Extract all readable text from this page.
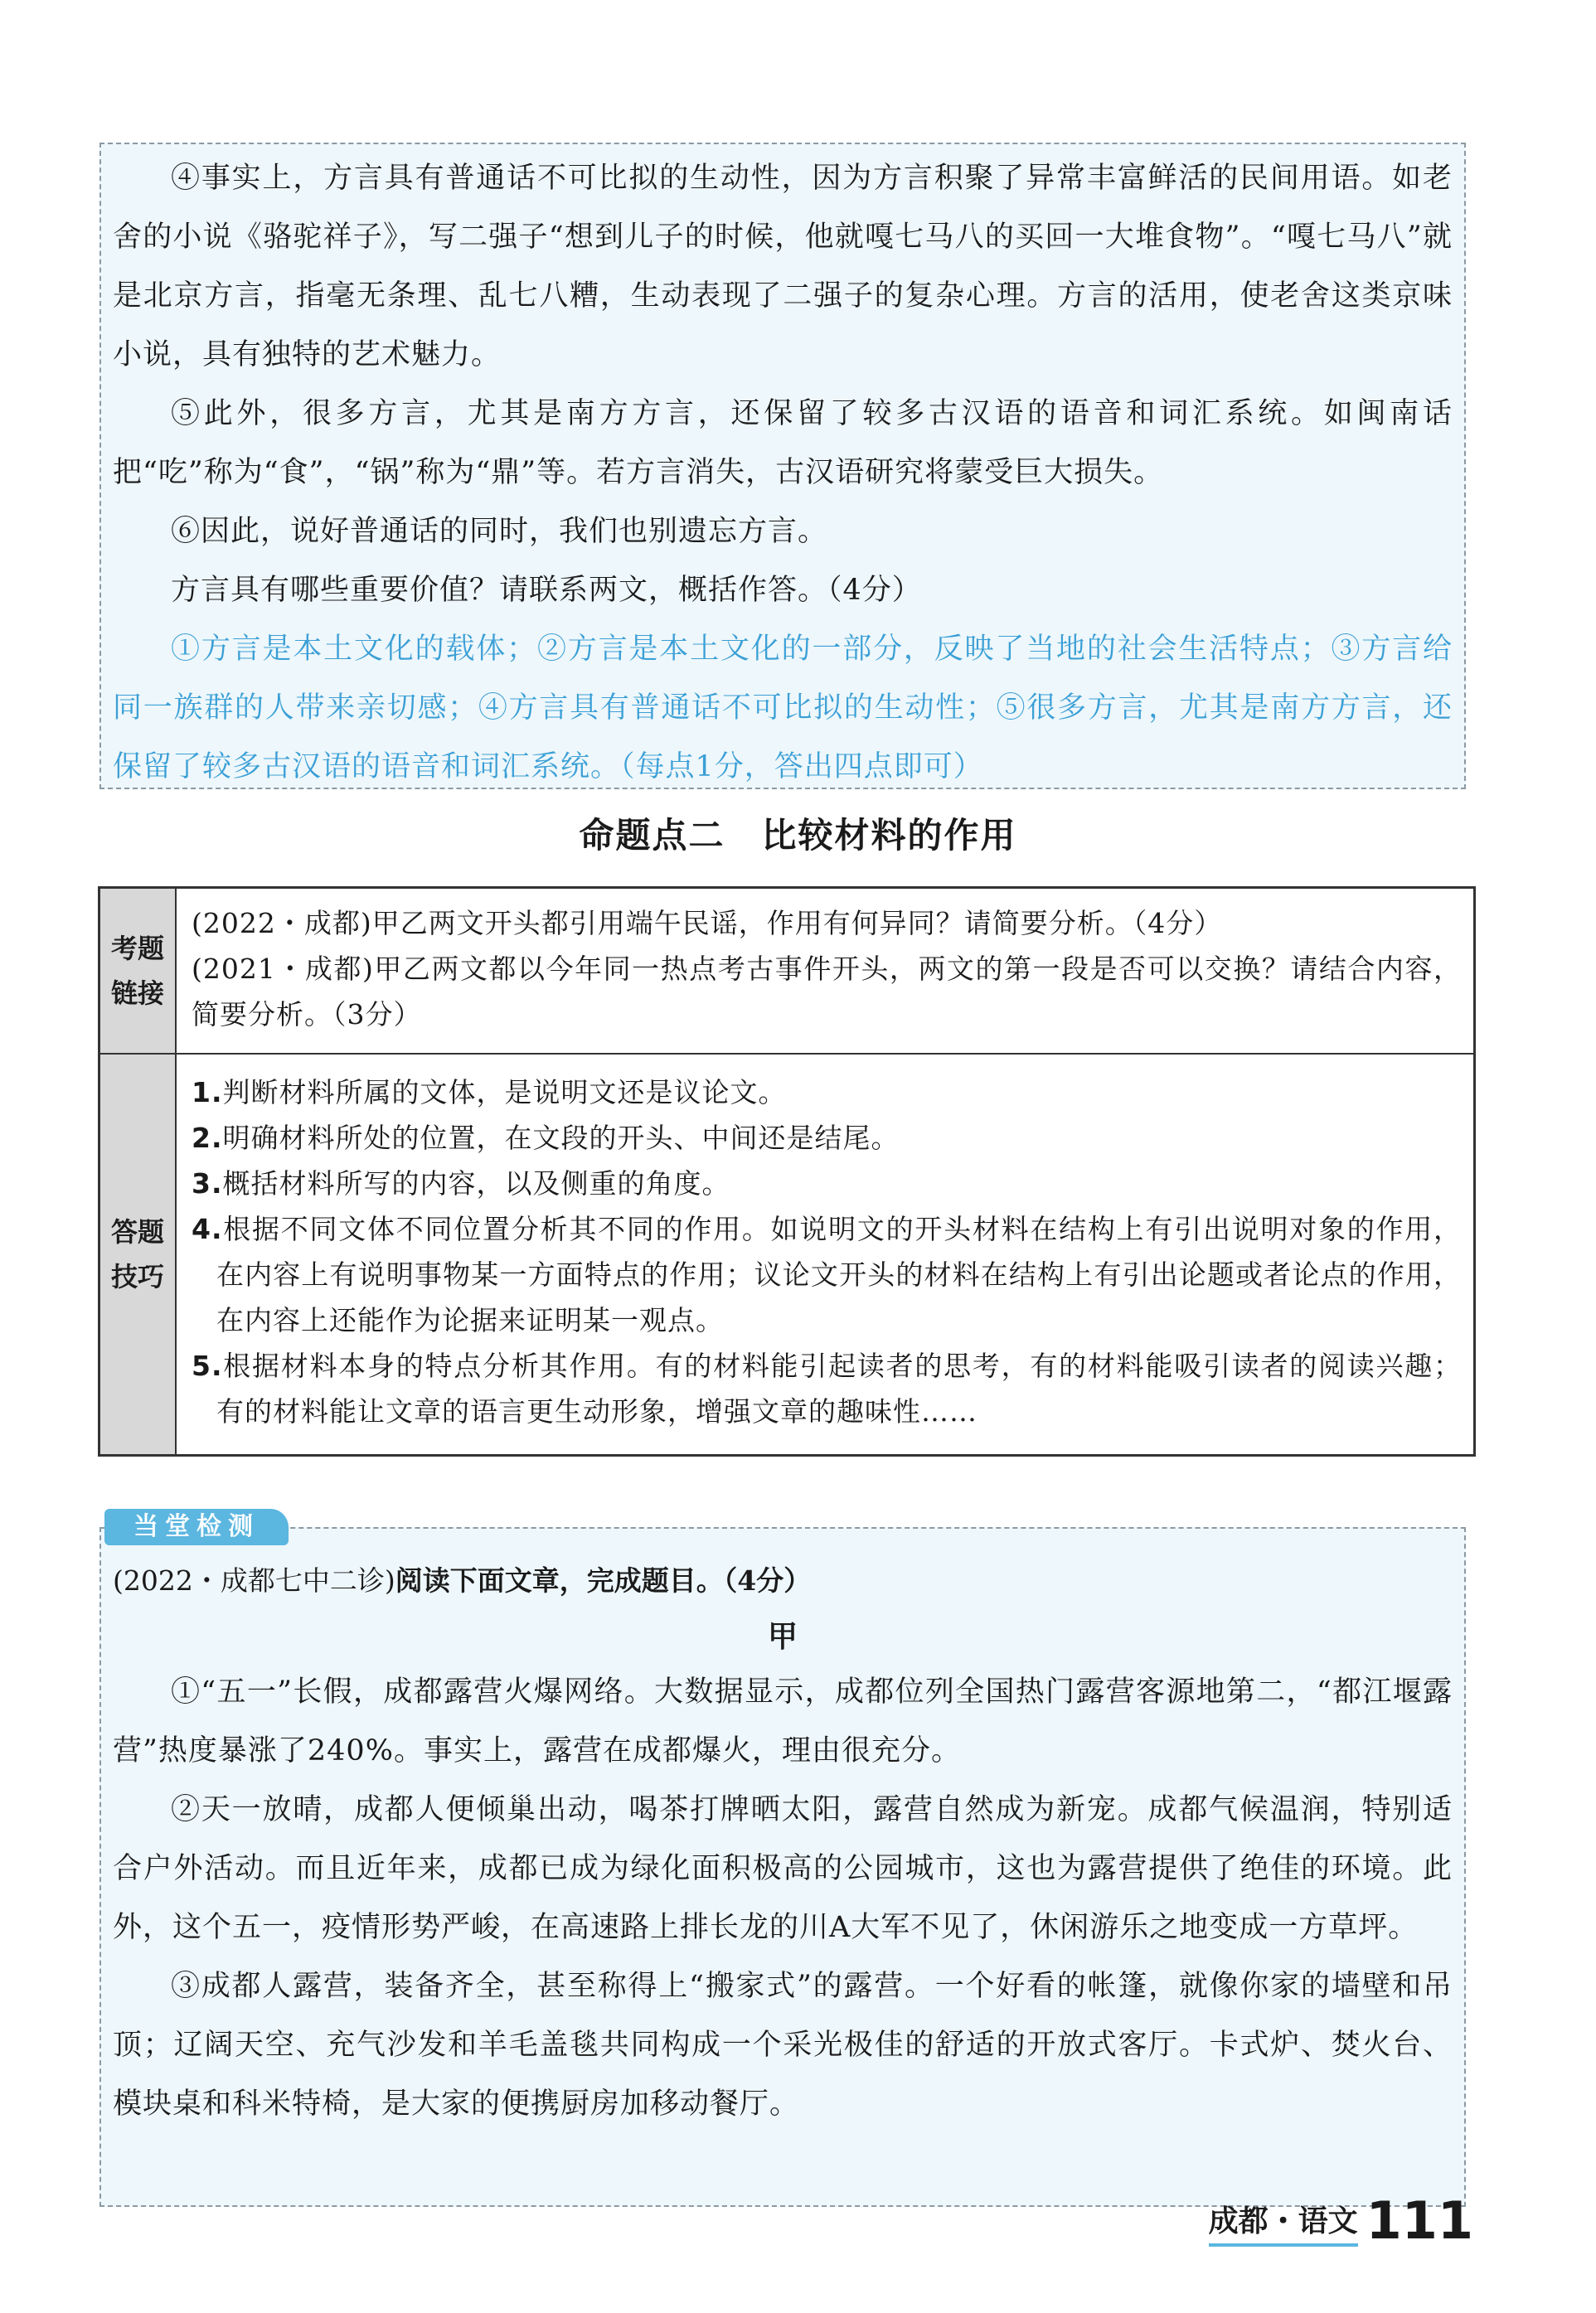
④事实上，方言具有普通话不可比拟的生动性，因为方言积聚了异常丰富鲜活的民间用语。如老舍的小说《骆驼祥子》，写二强子“想到儿子的时候，他就嘎七马八的买回一大堆食物”。“嘎七马八”就是北京方言，指毫无条理、乱七八糟，生动表现了二强子的复杂心理。方言的活用，使老舍这类京味小说，具有独特的艺术魅力。

⑤此外，很多方言，尤其是南方方言，还保留了较多古汉语的语音和词汇系统。如闽南话把“吃”称为“食”，“锅”称为“鼎”等。若方言消失，古汉语研究将蒙受巨大损失。

⑥因此，说好普通话的同时，我们也别遗忘方言。

方言具有哪些重要价值？请联系两文，概括作答。（4分）

①方言是本土文化的载体；②方言是本土文化的一部分，反映了当地的社会生活特点；③方言给同一族群的人带来亲切感；④方言具有普通话不可比拟的生动性；⑤很多方言，尤其是南方方言，还保留了较多古汉语的语音和词汇系统。（每点1分，答出四点即可）

命题点二　比较材料的作用
考题
链接

(2022・成都)甲乙两文开头都引用端午民谣，作用有何异同？请简要分析。（4分）

(2021・成都)甲乙两文都以今年同一热点考古事件开头，两文的第一段是否可以交换？请结合内容，简要分析。（3分）

答题
技巧

1.判断材料所属的文体，是说明文还是议论文。

2.明确材料所处的位置，在文段的开头、中间还是结尾。

3.概括材料所写的内容，以及侧重的角度。

4.根据不同文体不同位置分析其不同的作用。如说明文的开头材料在结构上有引出说明对象的作用，在内容上有说明事物某一方面特点的作用；议论文开头的材料在结构上有引出论题或者论点的作用，在内容上还能作为论据来证明某一观点。

5.根据材料本身的特点分析其作用。有的材料能引起读者的思考，有的材料能吸引读者的阅读兴趣；有的材料能让文章的语言更生动形象，增强文章的趣味性……

(2022・成都七中二诊)阅读下面文章，完成题目。（4分）
甲

①“五一”长假，成都露营火爆网络。大数据显示，成都位列全国热门露营客源地第二，“都江堰露营”热度暴涨了240%。事实上，露营在成都爆火，理由很充分。

②天一放晴，成都人便倾巢出动，喝茶打牌晒太阳，露营自然成为新宠。成都气候温润，特别适合户外活动。而且近年来，成都已成为绿化面积极高的公园城市，这也为露营提供了绝佳的环境。此外，这个五一，疫情形势严峻，在高速路上排长龙的川A大军不见了，休闲游乐之地变成一方草坪。

③成都人露营，装备齐全，甚至称得上“搬家式”的露营。一个好看的帐篷，就像你家的墙壁和吊顶；辽阔天空、充气沙发和羊毛盖毯共同构成一个采光极佳的舒适的开放式客厅。卡式炉、焚火台、模块桌和科米特椅，是大家的便携厨房加移动餐厅。

当堂检测
成都・语文 111
